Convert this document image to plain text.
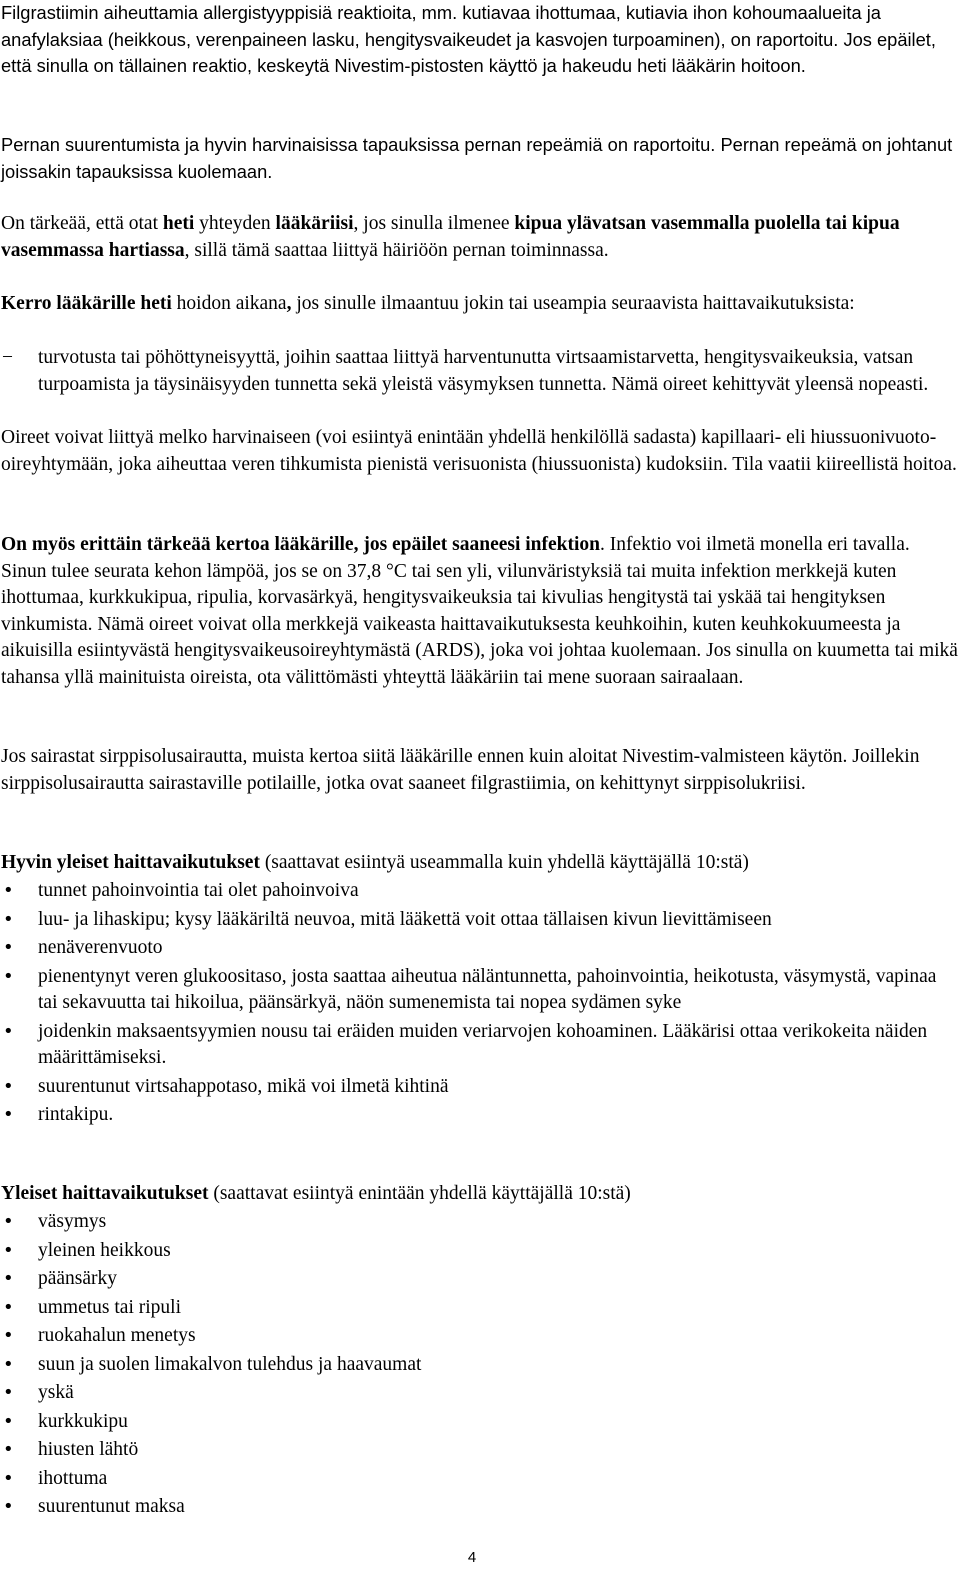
Filgrastiimin aiheuttamia allergistyyppisiä reaktioita, mm. kutiavaa ihottumaa, kutiavia ihon kohoumaalueita ja anafylaksiaa (heikkous, verenpaineen lasku, hengitysvaikeudet ja kasvojen turpoaminen), on raportoitu. Jos epäilet, että sinulla on tällainen reaktio, keskeytä Nivestim-pistosten käyttö ja hakeudu heti lääkärin hoitoon.

Pernan suurentumista ja hyvin harvinaisissa tapauksissa pernan repeämiä on raportoitu. Pernan repeämä on johtanut joissakin tapauksissa kuolemaan.

On tärkeää, että otat heti yhteyden lääkäriisi, jos sinulla ilmenee kipua ylävatsan vasemmalla puolella tai kipua vasemmassa hartiassa, sillä tämä saattaa liittyä häiriöön pernan toiminnassa.

Kerro lääkärille heti hoidon aikana, jos sinulle ilmaantuu jokin tai useampia seuraavista haittavaikutuksista:

− turvotusta tai pöhöttyneisyyttä, joihin saattaa liittyä harventunutta virtsaamistarvetta, hengitysvaikeuksia, vatsan turpoamista ja täysinäisyyden tunnetta sekä yleistä väsymyksen tunnetta. Nämä oireet kehittyvät yleensä nopeasti.

Oireet voivat liittyä melko harvinaiseen (voi esiintyä enintään yhdellä henkilöllä sadasta) kapillaari- eli hiussuonivuoto-oireyhtymään, joka aiheuttaa veren tihkumista pienistä verisuonista (hiussuonista) kudoksiin. Tila vaatii kiireellistä hoitoa.

On myös erittäin tärkeää kertoa lääkärille, jos epäilet saaneesi infektion. Infektio voi ilmetä monella eri tavalla. Sinun tulee seurata kehon lämpöä, jos se on 37,8 °C tai sen yli, vilunväristyksiä tai muita infektion merkkejä kuten ihottumaa, kurkkukipua, ripulia, korvasärkyä, hengitysvaikeuksia tai kivulias hengitystä tai yskää tai hengityksen vinkumista. Nämä oireet voivat olla merkkejä vaikeasta haittavaikutuksesta keuhkoihin, kuten keuhkokuumeesta ja aikuisilla esiintyvästä hengitysvaikeusoireyhtymästä (ARDS), joka voi johtaa kuolemaan. Jos sinulla on kuumetta tai mikä tahansa yllä mainituista oireista, ota välittömästi yhteyttä lääkäriin tai mene suoraan sairaalaan.

Jos sairastat sirppisolusairautta, muista kertoa siitä lääkärille ennen kuin aloitat Nivestim-valmisteen käytön. Joillekin sirppisolusairautta sairastaville potilaille, jotka ovat saaneet filgrastiimia, on kehittynyt sirppisolukriisi.

Hyvin yleiset haittavaikutukset (saattavat esiintyä useammalla kuin yhdellä käyttäjällä 10:stä)

• tunnet pahoinvointia tai olet pahoinvoiva
• luu- ja lihaskipu; kysy lääkäriltä neuvoa, mitä lääkettä voit ottaa tällaisen kivun lievittämiseen
• nenäverenvuoto
• pienentynyt veren glukoositaso, josta saattaa aiheutua näläntunnetta, pahoinvointia, heikotusta, väsymystä, vapinaa tai sekavuutta tai hikoilua, päänsärkyä, näön sumenemista tai nopea sydämen syke
• joidenkin maksaentsyymien nousu tai eräiden muiden veriarvojen kohoaminen. Lääkärisi ottaa verikokeita näiden määrittämiseksi.
• suurentunut virtsahappotaso, mikä voi ilmetä kihtinä
• rintakipu.

Yleiset haittavaikutukset (saattavat esiintyä enintään yhdellä käyttäjällä 10:stä)

• väsymys
• yleinen heikkous
• päänsärky
• ummetus tai ripuli
• ruokahalun menetys
• suun ja suolen limakalvon tulehdus ja haavaumat
• yskä
• kurkkukipu
• hiusten lähtö
• ihottuma
• suurentunut maksa
4
